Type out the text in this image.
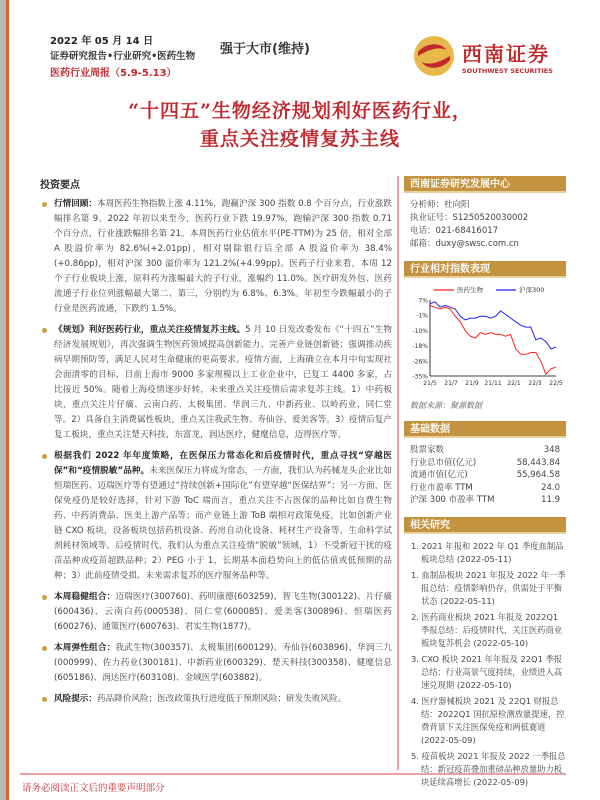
2022 年 05 月 14 日
证券研究报告•行业研究•医药生物
医药行业周报（5.9-5.13）
强于大市(维持)	西南证券
SOUTHWEST SECURITIES
“十四五”生物经济规划利好医药行业，
重点关注疫情复苏主线
投资要点
行情回顾：本周医药生物指数上涨 4.11%，跑赢沪深 300 指数 0.8 个百分点，行业涨跌幅排名第 9。2022 年初以来至今，医药行业下跌 19.97%，跑输沪深 300 指数 0.71 个百分点，行业涨跌幅排名第 21。本周医药行业估值水平(PE-TTM)为 25 倍，相对全部 A 股溢价率为 82.6%(+2.01pp)，相对剔除银行后全部 A 股溢价率为 38.4%(+0.86pp)，相对沪深 300 溢价率为 121.2%(+4.99pp)。医药子行业来看，本周 12 个子行业板块上涨，原料药为涨幅最大的子行业，涨幅约 11.0%。医疗研发外包、医药流通子行业位列涨幅最大第二、第三，分别约为 6.8%、6.3%。年初至今跌幅最小的子行业是医药流通，下跌约 1.5%。
《规划》利好医药行业，重点关注疫情复苏主线。5 月 10 日发改委发布《“十四五”生物经济发展规划》，再次强调生物医药领域提高创新能力、完善产业链创新链；强调推动疾病早期预防等，满足人民对生命健康的更高要求。疫情方面，上海确立在本月中旬实现社会面清零的目标，目前上海市 9000 多家规模以上工业企业中，已复工 4400 多家，占比接近 50%。随着上海疫情逐步好转，未来重点关注疫情后需求复苏主线。1）中药板块，重点关注片仔癀、云南白药、太极集团、华润三九、中新药业、以岭药业、同仁堂等。2）具备自主消费属性板块，重点关注我武生物、寿仙谷、爱美客等。3）疫情后复产复工板块，重点关注楚天科技，东富龙，润达医疗，健麾信息，迈得医疗等。
根据我们 2022 年年度策略，在医保压力常态化和后疫情时代，重点寻找“穿越医保”和“疫情脱敏”品种。未来医保压力将成为常态，一方面，我们认为药械龙头企业比如恒瑞医药、迈瑞医疗等有望通过“持续创新+国际化”有望穿越“医保结界”；另一方面，医保免疫仍是较好选择，针对下游 ToC 端而言，重点关注不占医保的品种比如自费生物药、中药消费品、医美上游产品等；而产业链上游 ToB 端相对政策免疫，比如创新产业链 CXO 板块，设备板块包括药机设备、药房自动化设备、耗材生产设备等，生命科学试剂耗材领域等。后疫情时代，我们认为重点关注疫情“脱敏”领域，1）不受新冠干扰的疫苗品种或疫苗超跌品种；2）PEG 小于 1，长期基本面趋势向上的低估值或低预期的品种；3）此前疫情受损、未来需求复苏的医疗服务品种等。
本周稳健组合：迈瑞医疗(300760)、药明康德(603259)、智飞生物(300122)、片仔癀(600436)、云南白药(000538)、同仁堂(600085)、爱美客(300896)、恒瑞医药(600276)、通策医疗(600763)、君实生物(1877)。
本周弹性组合：我武生物(300357)、太极集团(600129)、寿仙谷(603896)、华润三九(000999)、佐力药业(300181)、中新药业(600329)、楚天科技(300358)、健麾信息(605186)、润达医疗(603108)、金域医学(603882)。
风险提示：药品降价风险；医改政策执行进度低于预期风险；研发失败风险。
西南证券研究发展中心
分析师：杜向阳
执业证号：S1250520030002
电话：021-68416017
邮箱：duxy@swsc.com.cn
行业相对指数表现
7%
-1%
-10%
-18%
-26%
-35%
21/5 21/7 21/9 21/11 22/1 22/3 22/5
医药生物	沪深300
数据来源：聚源数据
基础数据
股票家数	348
行业总市值(亿元)	58,443.84
流通市值(亿元)	55,964.58
行业市盈率 TTM	24.0
沪深 300 市盈率 TTM	11.9
相关研究
1. 2021 年报和 2022 年 Q1 季度血制品板块总结 (2022-05-11)
1. 血制品板块 2021 年报及 2022 年一季报总结：疫情影响仍存，供需处于平衡状态 (2022-05-11)
2. 医药商业板块 2021 年报及 2022Q1 季报总结：后疫情时代，关注医药商业板块复苏机会 (2022-05-10)
3. CXO 板块 2021 年年报及 22Q1 季报总结：行业高景气度持续，业绩进入高速兑现期 (2022-05-10)
4. 医疗器械板块 2021 及 22Q1 财报总结：2022Q1 国抗原检测放量提速，控费背景下关注医保免疫和两低赛道 (2022-05-09)
5. 疫苗板块 2021 年报及 2022 一季报总结：新冠疫苗叠加重磅品种放量助力板块延续高增长 (2022-05-09)
请务必阅读正文后的重要声明部分
